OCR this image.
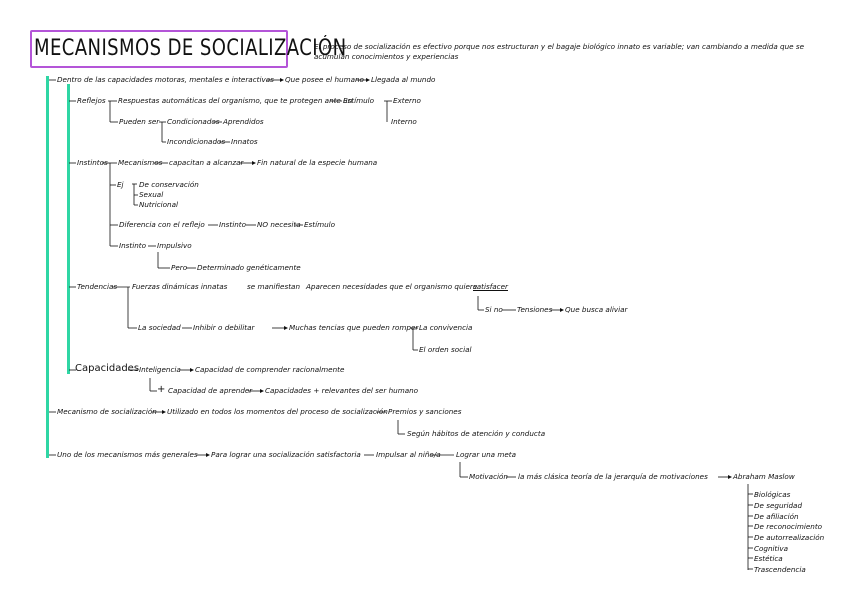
MECANISMOS DE SOCIALIZACIÓN
El proceso de socialización es efectivo porque nos estructuran y el bagaje biológico innato es variable; van cambiando a medida que se acumulan conocimientos y experiencias
Dentro de las capacidades motoras, mentales e interactivas Que posee el humano Llegada al mundo
Reflejos Respuestas automáticas del organismo, que te protegen ante un
Estímulo	Externo
Interno
Pueden ser Condicionados Aprendidos
Incondicionados Innatos
Instintos Mecanismos capacitan a alcanzar Fin natural de la especie humana
Ej De conservación
Sexual
Nutricional
Diferencia con el reflejo Instinto NO necesita Estímulo
Instinto Impulsivo
Pero Determinado genéticamente
Tendencias Fuerzas dinámicas innatas	se manifiestan Aparecen necesidades que el organismo quiere
satisfacer
Si no Tensiones Que busca aliviar
La sociedad Inhibir o debilitar	Muchas tencias que pueden romper La convivencia
El orden social
Capacidades Inteligencia Capacidad de comprender racionalmente
+ Capacidad de aprender Capacidades + relevantes del ser humano
Mecanismo de socialización Utilizado en todos los momentos del proceso de socialización Premios y sanciones
Según hábitos de atención y conducta
Uno de los mecanismos más generales Para lograr una socialización satisfactoria Impulsar al niño/a Lograr una meta
Motivación la más clásica teoría de la jerarquía de motivaciones	Abraham Maslow
Biológicas
De seguridad
De afiliación
De reconocimiento
De autorrealización
Cognitiva
Estética
Trascendencia
